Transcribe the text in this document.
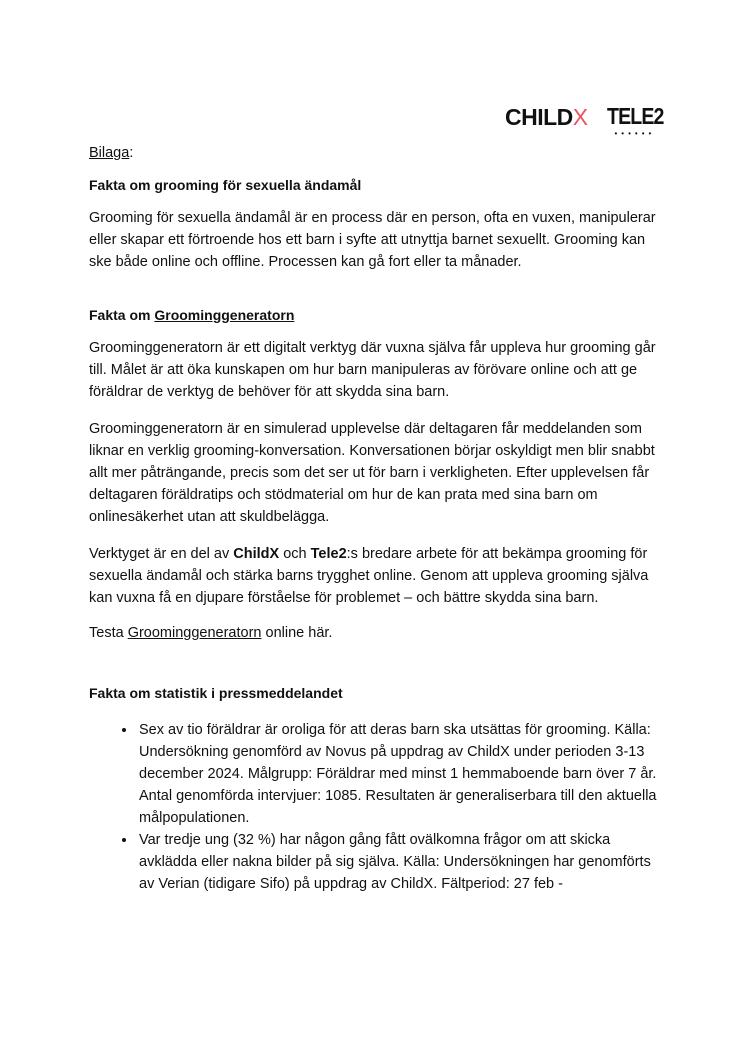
CHILDX TELE2
••••••

Bilaga:

Fakta om grooming för sexuella ändamål

Grooming för sexuella ändamål är en process där en person, ofta en vuxen, manipulerar eller skapar ett förtroende hos ett barn i syfte att utnyttja barnet sexuellt. Grooming kan ske både online och offline. Processen kan gå fort eller ta månader.

Fakta om Groominggeneratorn

Groominggeneratorn är ett digitalt verktyg där vuxna själva får uppleva hur grooming går till. Målet är att öka kunskapen om hur barn manipuleras av förövare online och att ge föräldrar de verktyg de behöver för att skydda sina barn.

Groominggeneratorn är en simulerad upplevelse där deltagaren får meddelanden som liknar en verklig grooming-konversation. Konversationen börjar oskyldigt men blir snabbt allt mer påträngande, precis som det ser ut för barn i verkligheten. Efter upplevelsen får deltagaren föräldratips och stödmaterial om hur de kan prata med sina barn om onlinesäkerhet utan att skuldbelägga.

Verktyget är en del av ChildX och Tele2:s bredare arbete för att bekämpa grooming för sexuella ändamål och stärka barns trygghet online. Genom att uppleva grooming själva kan vuxna få en djupare förståelse för problemet – och bättre skydda sina barn.

Testa Groominggeneratorn online här.

Fakta om statistik i pressmeddelandet

• Sex av tio föräldrar är oroliga för att deras barn ska utsättas för grooming. Källa: Undersökning genomförd av Novus på uppdrag av ChildX under perioden 3-13 december 2024. Målgrupp: Föräldrar med minst 1 hemmaboende barn över 7 år. Antal genomförda intervjuer: 1085. Resultaten är generaliserbara till den aktuella målpopulationen.
• Var tredje ung (32 %) har någon gång fått ovälkomna frågor om att skicka avklädda eller nakna bilder på sig själva. Källa: Undersökningen har genomförts av Verian (tidigare Sifo) på uppdrag av ChildX. Fältperiod: 27 feb -
